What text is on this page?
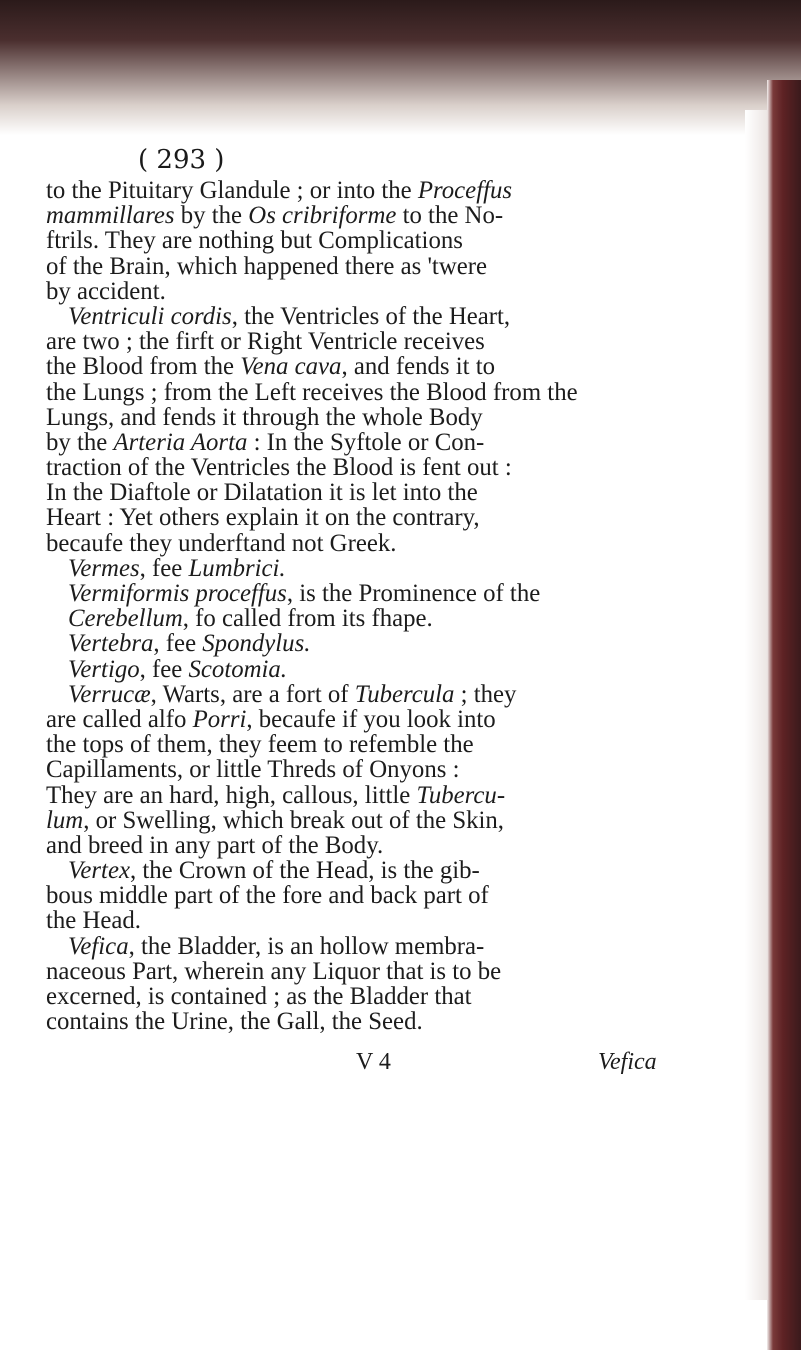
( 293 )
to the Pituitary Glandule ; or into the Proceffus
mammillares by the Os cribriforme to the No-
ftrils. They are nothing but Complications
of the Brain, which happened there as 'twere
by accident.
Ventriculi cordis, the Ventricles of the Heart,
are two ; the firft or Right Ventricle receives
the Blood from the Vena cava, and fends it to
the Lungs ; from the Left receives the Blood from the
Lungs, and fends it through the whole Body
by the Arteria Aorta : In the Syftole or Con-
traction of the Ventricles the Blood is fent out :
In the Diaftole or Dilatation it is let into the
Heart : Yet others explain it on the contrary,
becaufe they underftand not Greek.
Vermes, fee Lumbrici.
Vermiformis proceffus, is the Prominence of the
Cerebellum, fo called from its fhape.
Vertebra, fee Spondylus.
Vertigo, fee Scotomia.
Verrucæ, Warts, are a fort of Tubercula ; they
are called alfo Porri, becaufe if you look into
the tops of them, they feem to refemble the
Capillaments, or little Threds of Onyons :
They are an hard, high, callous, little Tubercu-
lum, or Swelling, which break out of the Skin,
and breed in any part of the Body.
Vertex, the Crown of the Head, is the gib-
bous middle part of the fore and back part of
the Head.
Vefica, the Bladder, is an hollow membra-
naceous Part, wherein any Liquor that is to be
excerned, is contained ; as the Bladder that
contains the Urine, the Gall, the Seed.
V 4	Vefica
